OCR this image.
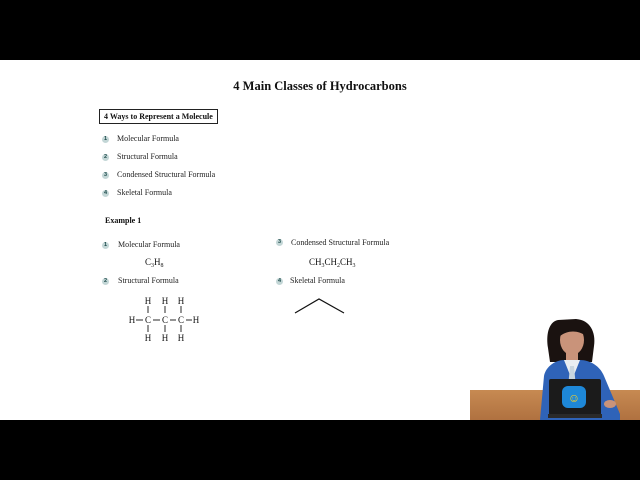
4 Main Classes of Hydrocarbons
4 Ways to Represent a Molecule
1 Molecular Formula
2 Structural Formula
3 Condensed Structural Formula
4 Skeletal Formula
Example 1
1 Molecular Formula
$C_3H_8$
2 Structural Formula
3 Condensed Structural Formula
$CH_3CH_2CH_3$
4 Skeletal Formula
H H H
H C C C H
H H H
☺
